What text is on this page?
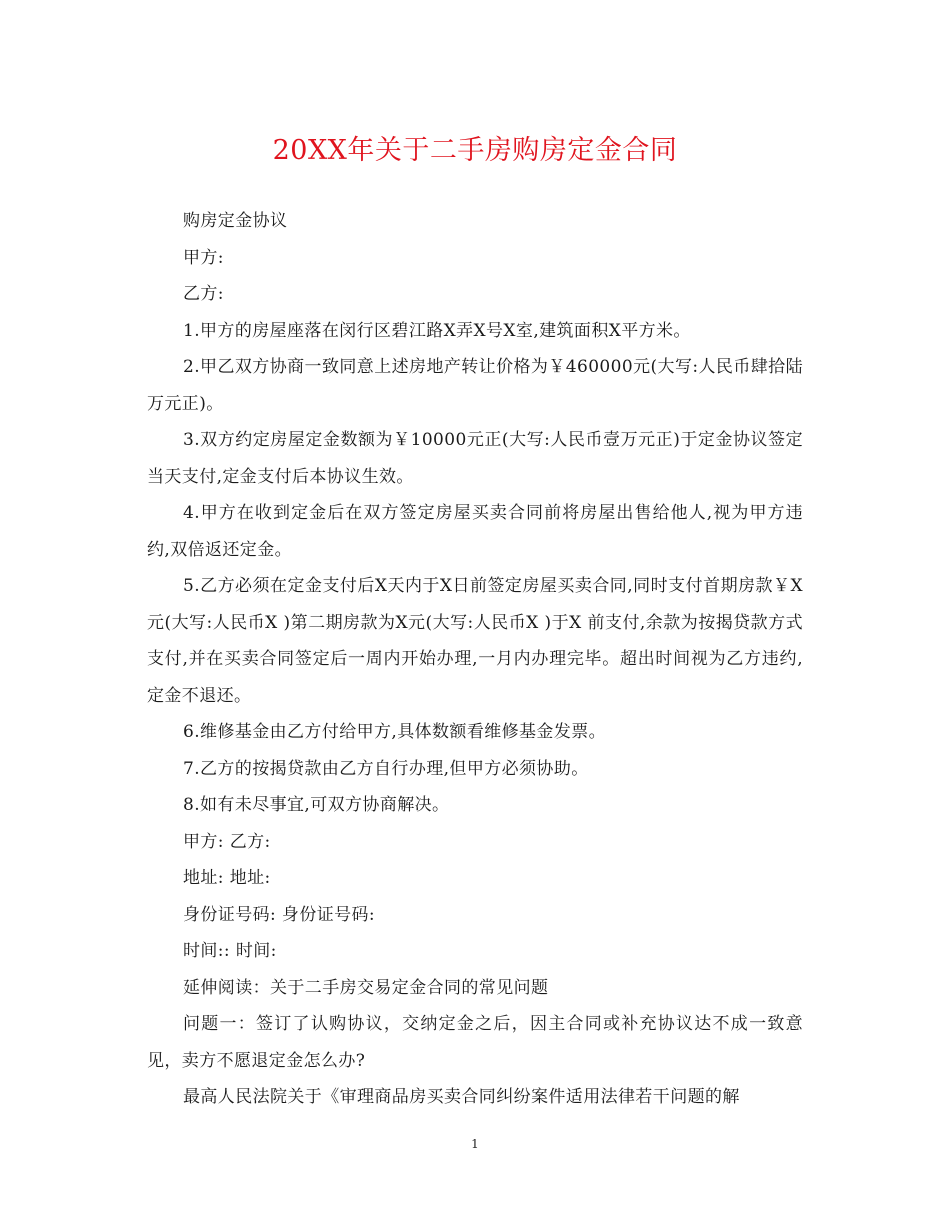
20XX年关于二手房购房定金合同

购房定金协议

甲方:

乙方:

1.甲方的房屋座落在闵行区碧江路X弄X号X室,建筑面积X平方米。

2.甲乙双方协商一致同意上述房地产转让价格为￥460000元(大写:人民币肆拾陆万元正)。

3.双方约定房屋定金数额为￥10000元正(大写:人民币壹万元正)于定金协议签定当天支付,定金支付后本协议生效。

4.甲方在收到定金后在双方签定房屋买卖合同前将房屋出售给他人,视为甲方违约,双倍返还定金。

5.乙方必须在定金支付后X天内于X日前签定房屋买卖合同,同时支付首期房款￥X 元(大写:人民币X )第二期房款为X元(大写:人民币X )于X 前支付,余款为按揭贷款方式支付,并在买卖合同签定后一周内开始办理,一月内办理完毕。超出时间视为乙方违约,定金不退还。

6.维修基金由乙方付给甲方,具体数额看维修基金发票。

7.乙方的按揭贷款由乙方自行办理,但甲方必须协助。

8.如有未尽事宜,可双方协商解决。

甲方: 乙方:

地址: 地址:

身份证号码: 身份证号码:

时间:: 时间:

延伸阅读：关于二手房交易定金合同的常见问题

问题一：签订了认购协议，交纳定金之后，因主合同或补充协议达不成一致意见，卖方不愿退定金怎么办?

最高人民法院关于《审理商品房买卖合同纠纷案件适用法律若干问题的解

1
